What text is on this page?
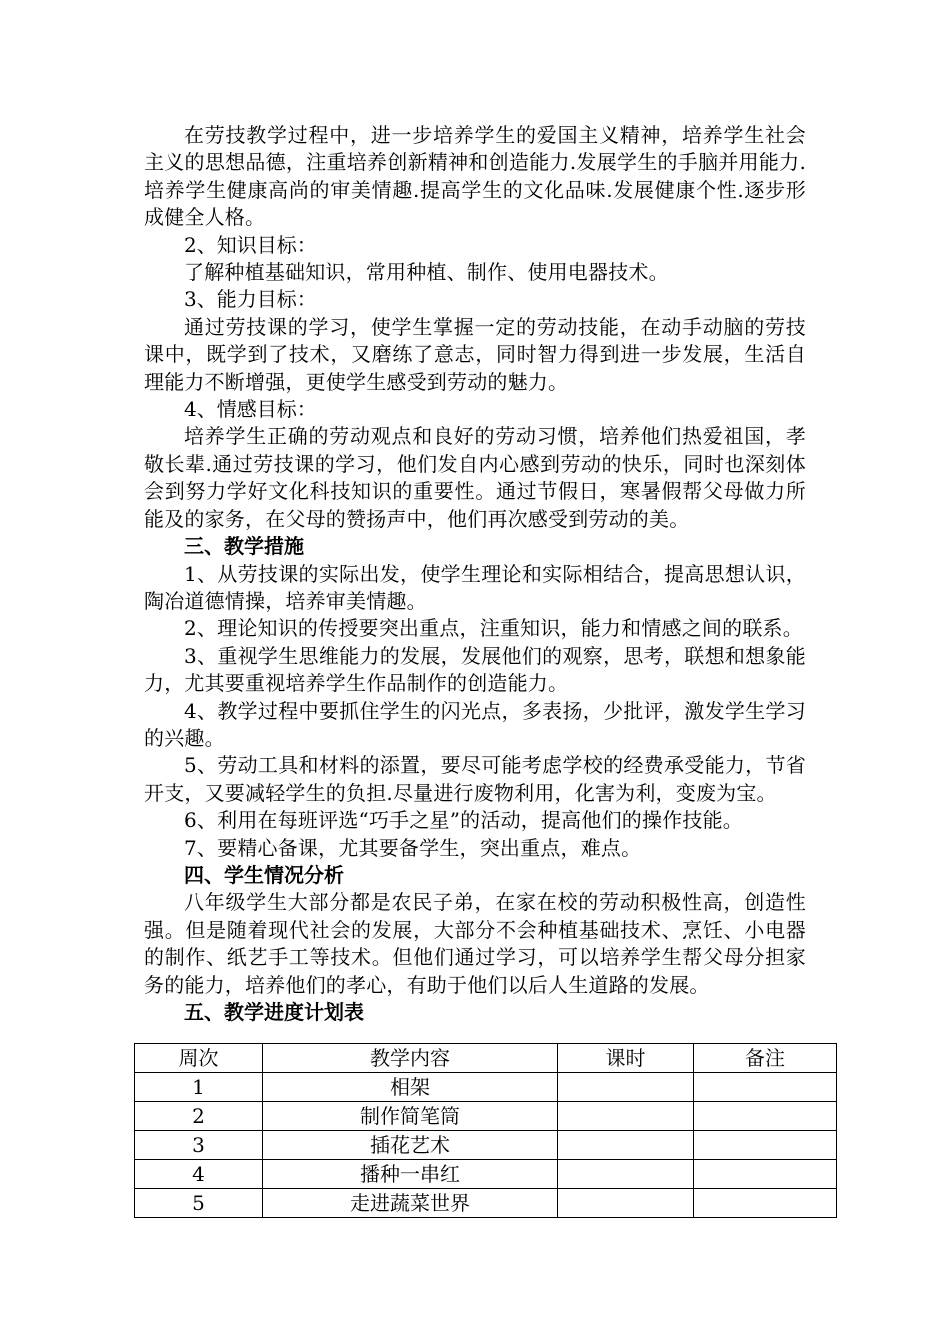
在劳技教学过程中，进一步培养学生的爱国主义精神，培养学生社会主义的思想品德，注重培养创新精神和创造能力.发展学生的手脑并用能力.培养学生健康高尚的审美情趣.提高学生的文化品味.发展健康个性.逐步形成健全人格。

2、知识目标：

了解种植基础知识，常用种植、制作、使用电器技术。

3、能力目标：

通过劳技课的学习，使学生掌握一定的劳动技能，在动手动脑的劳技课中，既学到了技术，又磨练了意志，同时智力得到进一步发展，生活自理能力不断增强，更使学生感受到劳动的魅力。

4、情感目标：

培养学生正确的劳动观点和良好的劳动习惯，培养他们热爱祖国，孝敬长辈.通过劳技课的学习，他们发自内心感到劳动的快乐，同时也深刻体会到努力学好文化科技知识的重要性。通过节假日，寒暑假帮父母做力所能及的家务，在父母的赞扬声中，他们再次感受到劳动的美。

三、教学措施

1、从劳技课的实际出发，使学生理论和实际相结合，提高思想认识，陶冶道德情操，培养审美情趣。

2、理论知识的传授要突出重点，注重知识，能力和情感之间的联系。

3、重视学生思维能力的发展，发展他们的观察，思考，联想和想象能力，尤其要重视培养学生作品制作的创造能力。

4、教学过程中要抓住学生的闪光点，多表扬，少批评，激发学生学习的兴趣。

5、劳动工具和材料的添置，要尽可能考虑学校的经费承受能力，节省开支，又要减轻学生的负担.尽量进行废物利用，化害为利，变废为宝。

6、利用在每班评选“巧手之星”的活动，提高他们的操作技能。

7、要精心备课，尤其要备学生，突出重点，难点。

四、学生情况分析

八年级学生大部分都是农民子弟，在家在校的劳动积极性高，创造性强。但是随着现代社会的发展，大部分不会种植基础技术、烹饪、小电器的制作、纸艺手工等技术。但他们通过学习，可以培养学生帮父母分担家务的能力，培养他们的孝心，有助于他们以后人生道路的发展。

五、教学进度计划表

周次	教学内容	课时	备注
1	相架		
2	制作简笔筒		
3	插花艺术		
4	播种一串红		
5	走进蔬菜世界		
